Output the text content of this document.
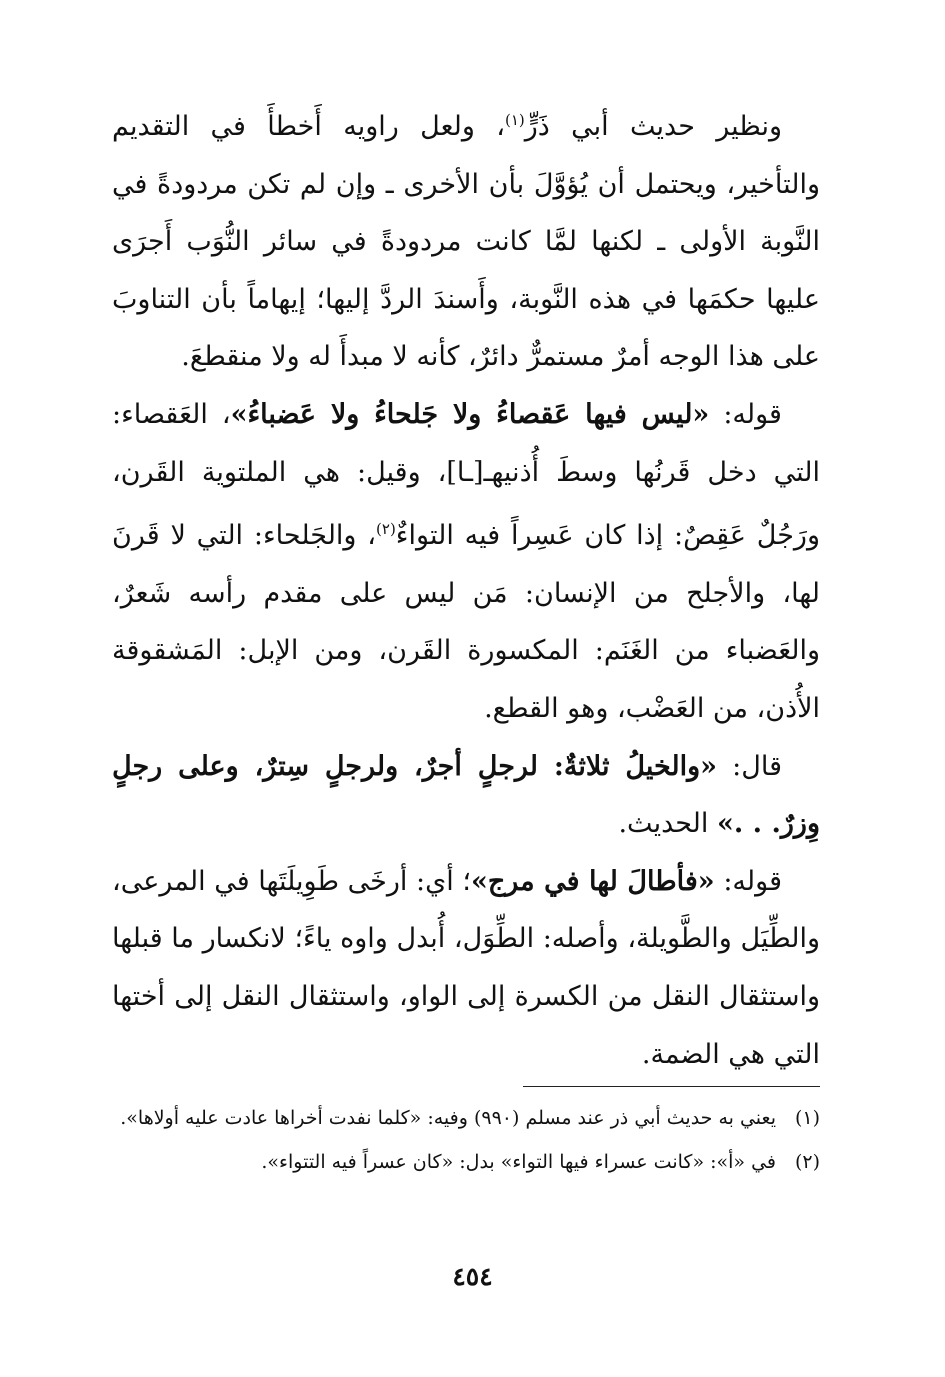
ونظير حديث أبي ذَرٍّ$^{(١)}$، ولعل راويه أَخطأَ في التقديم والتأخير، ويحتمل أن يُؤوَّلَ بأن الأخرى ـ وإن لم تكن مردودةً في النَّوبة الأولى ـ لكنها لمَّا كانت مردودةً في سائر النُّوَب أَجرَى عليها حكمَها في هذه النَّوبة، وأَسندَ الردَّ إليها؛ إيهاماً بأن التناوبَ على هذا الوجه أمرٌ مستمرٌّ دائرٌ، كأنه لا مبدأَ له ولا منقطعَ.

قوله: «ليس فيها عَقصاءُ ولا جَلحاءُ ولا عَضباءُ»، العَقصاء: التي دخل قَرنُها وسطَ أُذنيهـ[ـا]، وقيل: هي الملتوية القَرن، ورَجُلٌ عَقِصٌ: إذا كان عَسِراً فيه التواءٌ$^{(٢)}$، والجَلحاء: التي لا قَرنَ لها، والأجلح من الإنسان: مَن ليس على مقدم رأسه شَعرٌ، والعَضباء من الغَنَم: المكسورة القَرن، ومن الإبل: المَشقوقة الأُذن، من العَضْب، وهو القطع.

قال: «والخيلُ ثلاثةٌ: لرجلٍ أجرٌ، ولرجلٍ سِترٌ، وعلى رجلٍ وِزرٌ. . .» الحديث.

قوله: «فأطالَ لها في مرج»؛ أي: أرخَى طَوِيلَتَها في المرعى، والطِّيَل والطَّويلة، وأصله: الطِّوَل، أُبدل واوه ياءً؛ لانكسار ما قبلها واستثقال النقل من الكسرة إلى الواو، واستثقال النقل إلى أختها التي هي الضمة.

(١)
يعني به حديث أبي ذر عند مسلم (٩٩٠) وفيه: «كلما نفدت أخراها عادت عليه أولاها».
(٢)
في «أ»: «كانت عسراء فيها التواء» بدل: «كان عسراً فيه التتواء».
٤٥٤
